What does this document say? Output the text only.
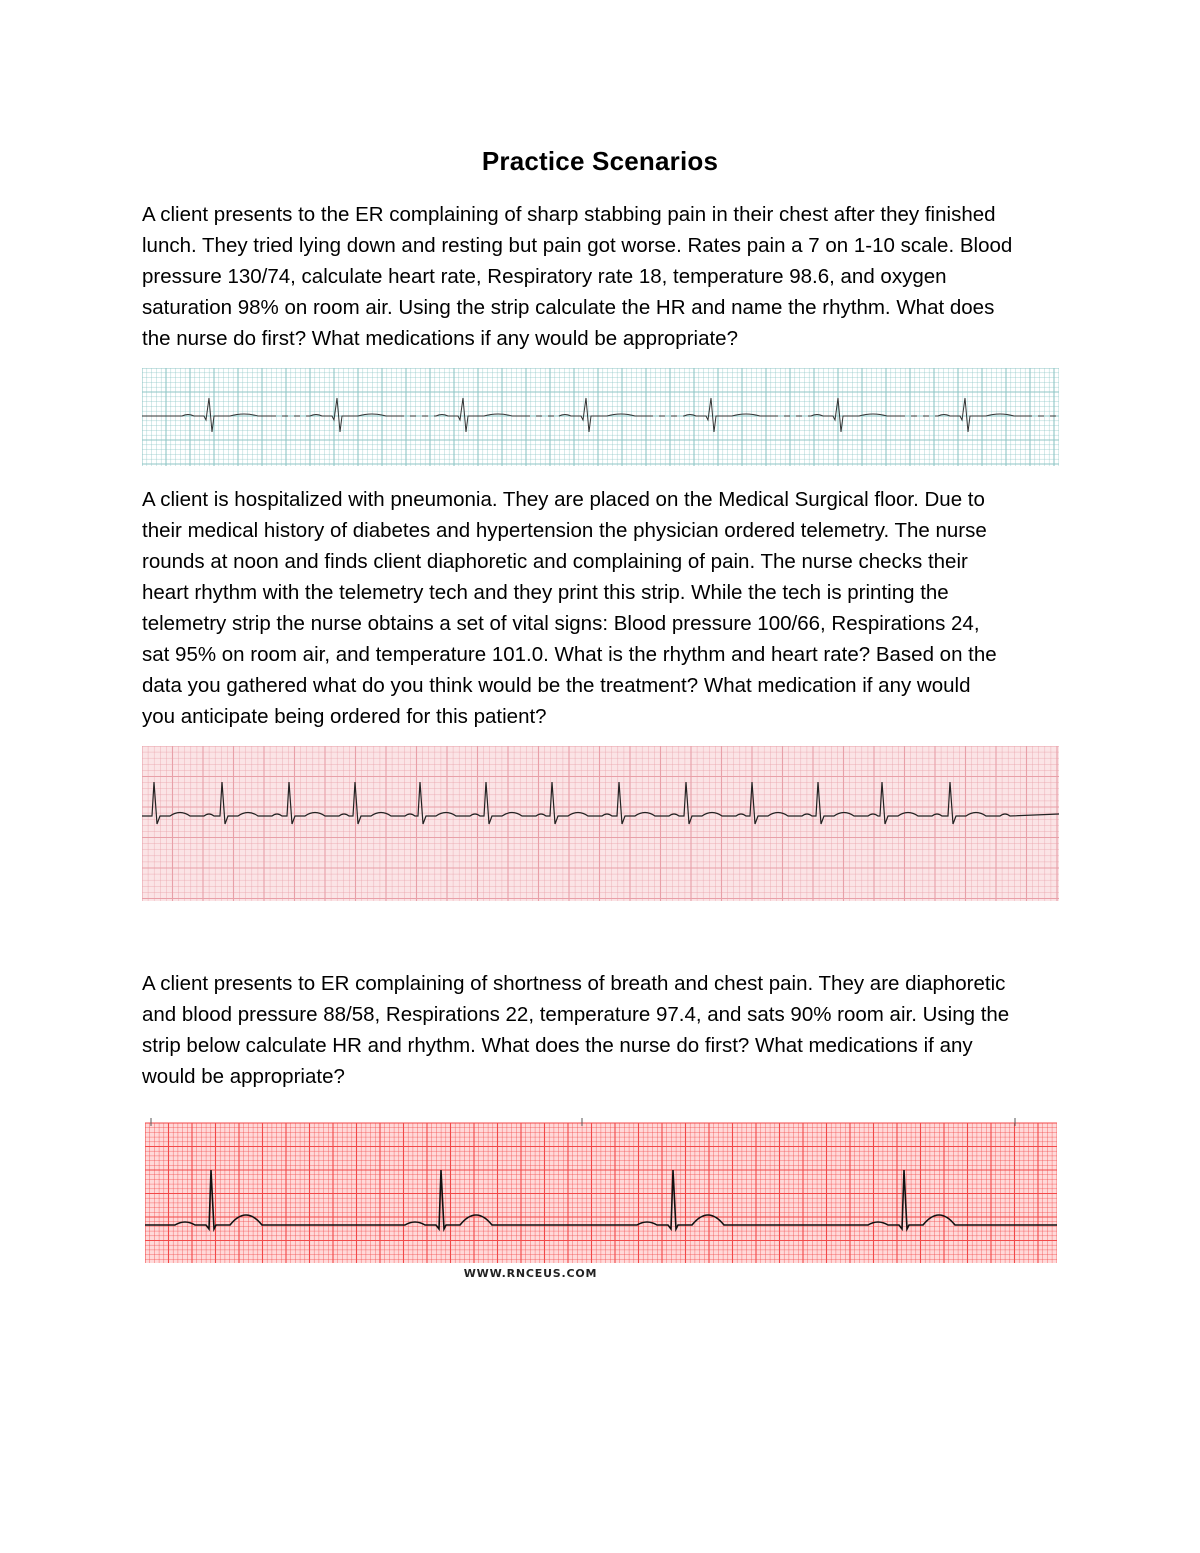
Practice Scenarios

A client presents to the ER complaining of sharp stabbing pain in their chest after they finished
lunch. They tried lying down and resting but pain got worse. Rates pain a 7 on 1-10 scale. Blood
pressure 130/74, calculate heart rate, Respiratory rate 18, temperature 98.6, and oxygen
saturation 98% on room air. Using the strip calculate the HR and name the rhythm. What does
the nurse do first? What medications if any would be appropriate?

A client is hospitalized with pneumonia. They are placed on the Medical Surgical floor. Due to
their medical history of diabetes and hypertension the physician ordered telemetry. The nurse
rounds at noon and finds client diaphoretic and complaining of pain. The nurse checks their
heart rhythm with the telemetry tech and they print this strip. While the tech is printing the
telemetry strip the nurse obtains a set of vital signs: Blood pressure 100/66, Respirations 24,
sat 95% on room air, and temperature 101.0. What is the rhythm and heart rate? Based on the
data you gathered what do you think would be the treatment? What medication if any would
you anticipate being ordered for this patient?

A client presents to ER complaining of shortness of breath and chest pain. They are diaphoretic
and blood pressure 88/58, Respirations 22, temperature 97.4, and sats 90% room air. Using the
strip below calculate HR and rhythm. What does the nurse do first? What medications if any
would be appropriate?

WWW.RNCEUS.COM
